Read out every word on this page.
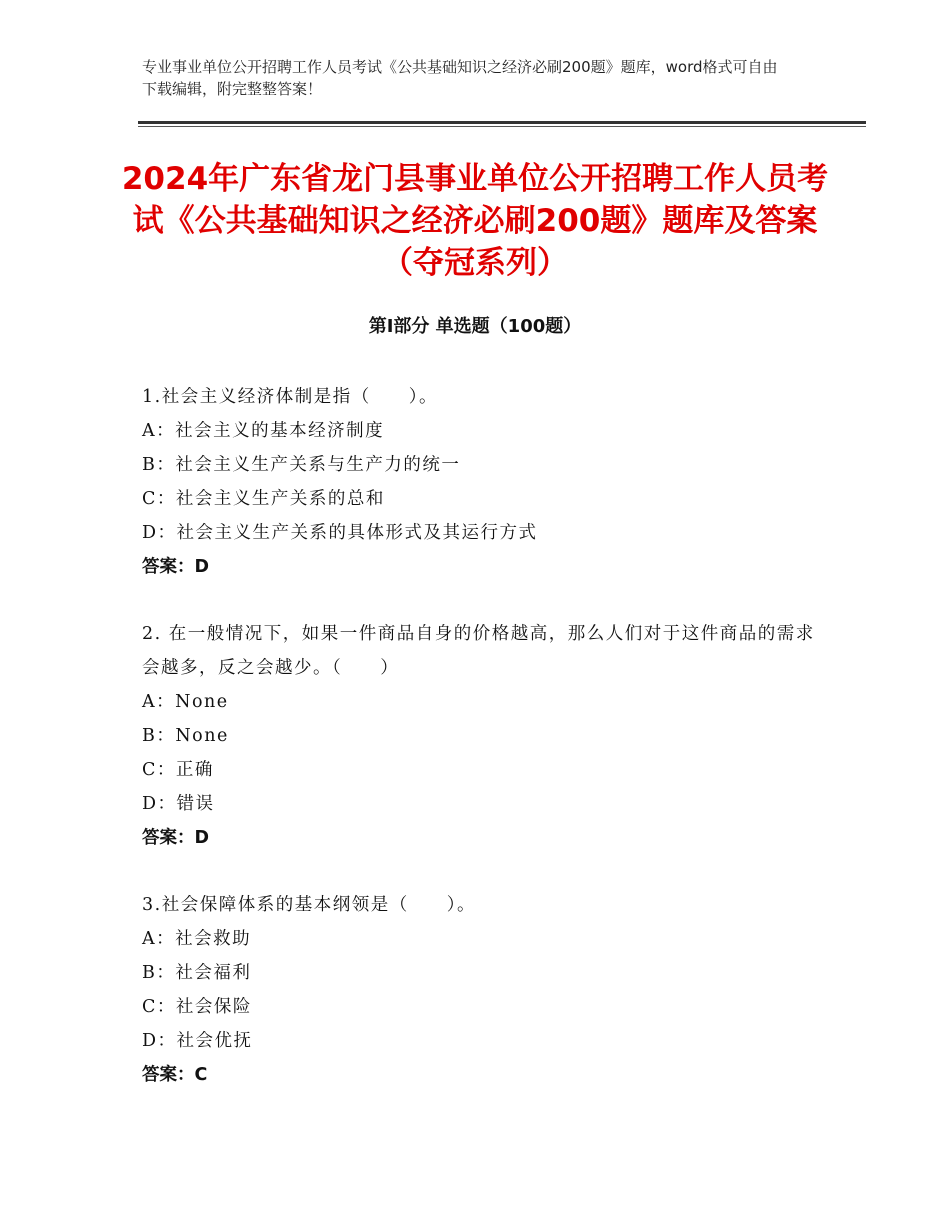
专业事业单位公开招聘工作人员考试《公共基础知识之经济必刷200题》题库，word格式可自由下载编辑，附完整整答案！
2024年广东省龙门县事业单位公开招聘工作人员考试《公共基础知识之经济必刷200题》题库及答案（夺冠系列）
第Ⅰ部分 单选题（100题）
1.社会主义经济体制是指（　　）。
A：社会主义的基本经济制度
B：社会主义生产关系与生产力的统一
C：社会主义生产关系的总和
D：社会主义生产关系的具体形式及其运行方式
答案：D
2. 在一般情况下，如果一件商品自身的价格越高，那么人们对于这件商品的需求会越多，反之会越少。（　　）
A：None
B：None
C：正确
D：错误
答案：D
3.社会保障体系的基本纲领是（　　）。
A：社会救助
B：社会福利
C：社会保险
D：社会优抚
答案：C
